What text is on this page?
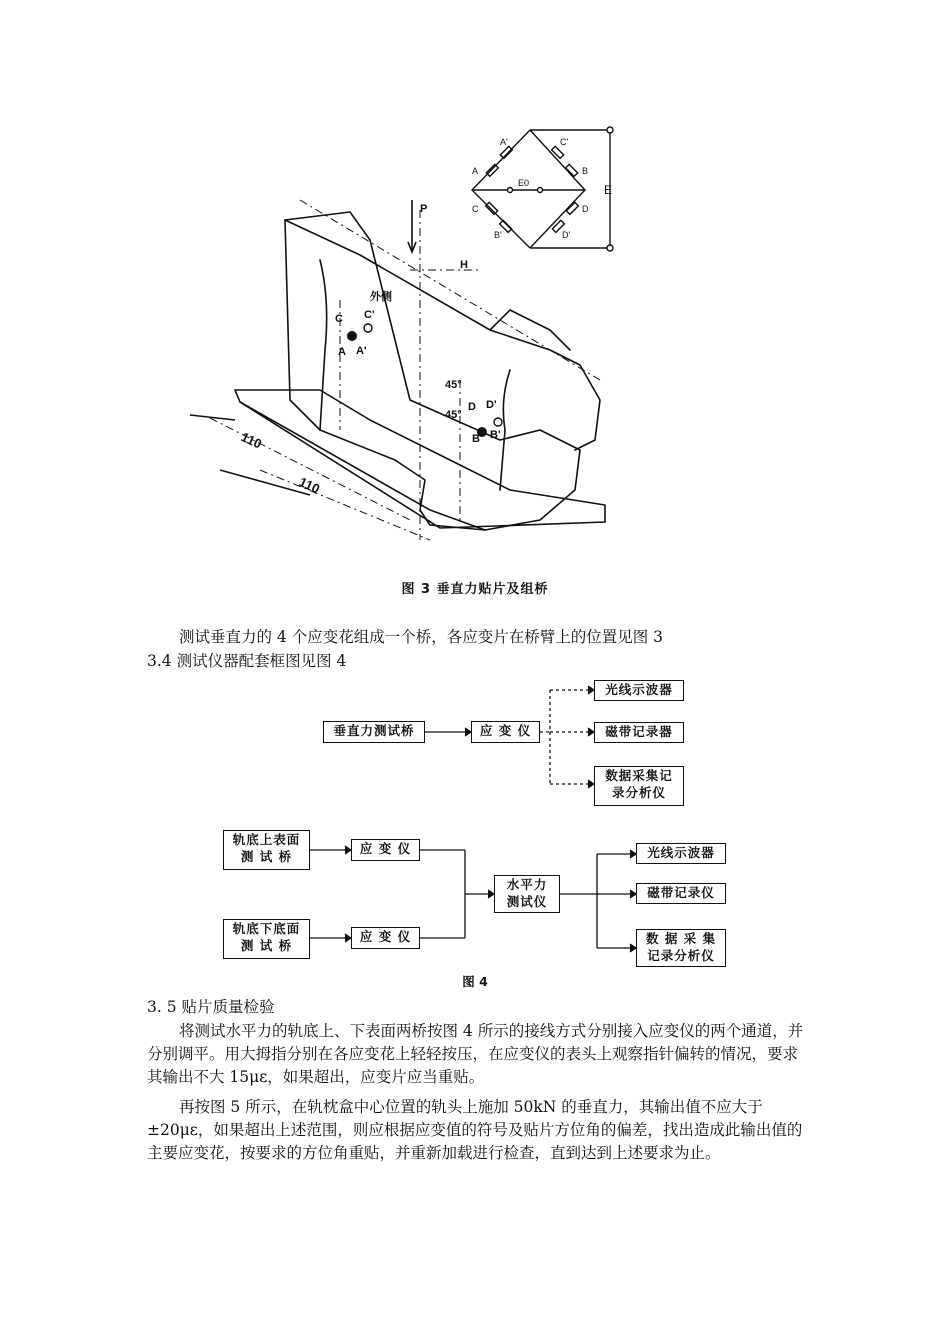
P
H
外侧
C C'
A A'
45°
45°
D D'
B B'
110
110
A'	C'
A	B
E0
C	D
B'	D'
E
图 3 垂直力贴片及组桥

测试垂直力的 4 个应变花组成一个桥，各应变片在桥臂上的位置见图 3

3.4 测试仪器配套框图见图 4

垂直力测试桥	应 变 仪
光线示波器
磁带记录器
数据采集记
录分析仪
轨底上表面
测 试 桥
轨底下底面
测 试 桥
应 变 仪
应 变 仪
水平力
测试仪
光线示波器
磁带记录仪
数 据 采 集
记录分析仪
图 4

3. 5 贴片质量检验

将测试水平力的轨底上、下表面两桥按图 4 所示的接线方式分别接入应变仪的两个通道，并分别调平。用大拇指分别在各应变花上轻轻按压，在应变仪的表头上观察指针偏转的情况，要求其输出不大 15με，如果超出，应变片应当重贴。

再按图 5 所示，在轨枕盒中心位置的轨头上施加 50kN 的垂直力，其输出值不应大于±20με，如果超出上述范围，则应根据应变值的符号及贴片方位角的偏差，找出造成此输出值的主要应变花，按要求的方位角重贴，并重新加载进行检查，直到达到上述要求为止。
